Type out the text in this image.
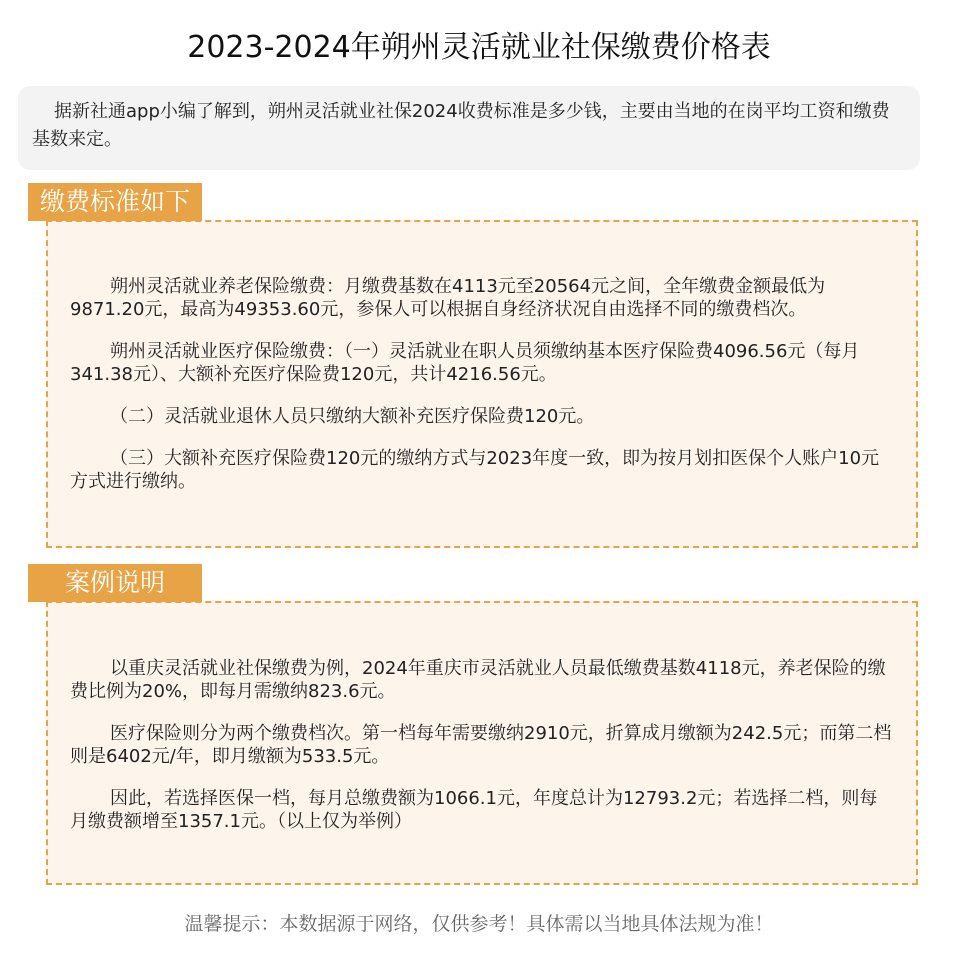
2023-2024年朔州灵活就业社保缴费价格表

据新社通app小编了解到，朔州灵活就业社保2024收费标准是多少钱，主要由当地的在岗平均工资和缴费基数来定。

缴费标准如下

朔州灵活就业养老保险缴费：月缴费基数在4113元至20564元之间，全年缴费金额最低为9871.20元，最高为49353.60元，参保人可以根据自身经济状况自由选择不同的缴费档次。

朔州灵活就业医疗保险缴费：（一）灵活就业在职人员须缴纳基本医疗保险费4096.56元（每月341.38元）、大额补充医疗保险费120元，共计4216.56元。

（二）灵活就业退休人员只缴纳大额补充医疗保险费120元。

（三）大额补充医疗保险费120元的缴纳方式与2023年度一致，即为按月划扣医保个人账户10元方式进行缴纳。

案例说明

以重庆灵活就业社保缴费为例，2024年重庆市灵活就业人员最低缴费基数4118元，养老保险的缴费比例为20%，即每月需缴纳823.6元。

医疗保险则分为两个缴费档次。第一档每年需要缴纳2910元，折算成月缴额为242.5元；而第二档则是6402元/年，即月缴额为533.5元。

因此，若选择医保一档，每月总缴费额为1066.1元，年度总计为12793.2元；若选择二档，则每月缴费额增至1357.1元。（以上仅为举例）

温馨提示：本数据源于网络，仅供参考！具体需以当地具体法规为准！
